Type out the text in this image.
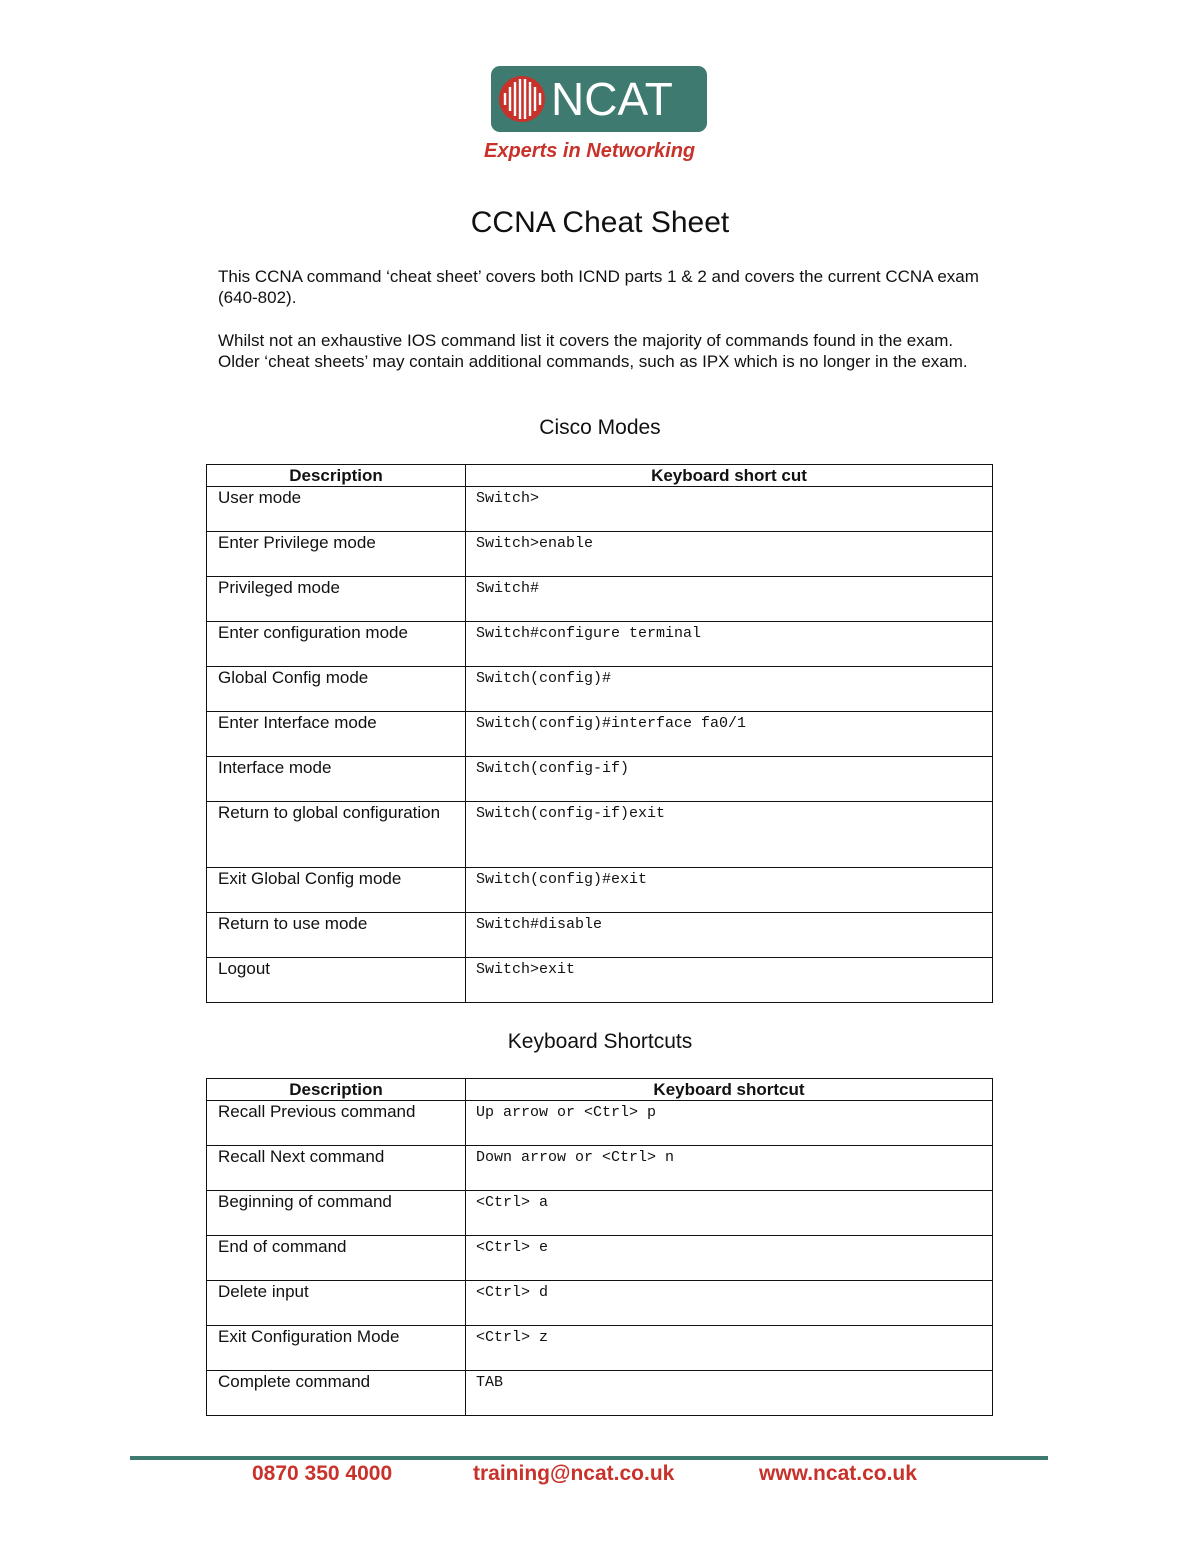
NCAT
Experts in Networking
CCNA Cheat Sheet

This CCNA command ‘cheat sheet’ covers both ICND parts 1 & 2 and covers the current CCNA exam (640-802).

Whilst not an exhaustive IOS command list it covers the majority of commands found in the exam. Older ‘cheat sheets’ may contain additional commands, such as IPX which is no longer in the exam.

Cisco Modes
Description	Keyboard short cut
User mode	Switch>
Enter Privilege mode	Switch>enable
Privileged mode	Switch#
Enter configuration mode	Switch#configure terminal
Global Config mode	Switch(config)#
Enter Interface mode	Switch(config)#interface fa0/1
Interface mode	Switch(config-if)
Return to global configuration	Switch(config-if)exit
Exit Global Config mode	Switch(config)#exit
Return to use mode	Switch#disable
Logout	Switch>exit
Keyboard Shortcuts
Description	Keyboard shortcut
Recall Previous command	Up arrow or <Ctrl> p
Recall Next command	Down arrow or <Ctrl> n
Beginning of command	<Ctrl> a
End of command	<Ctrl> e
Delete input	<Ctrl> d
Exit Configuration Mode	<Ctrl> z
Complete command	TAB
0870 350 4000	training@ncat.co.uk	www.ncat.co.uk
